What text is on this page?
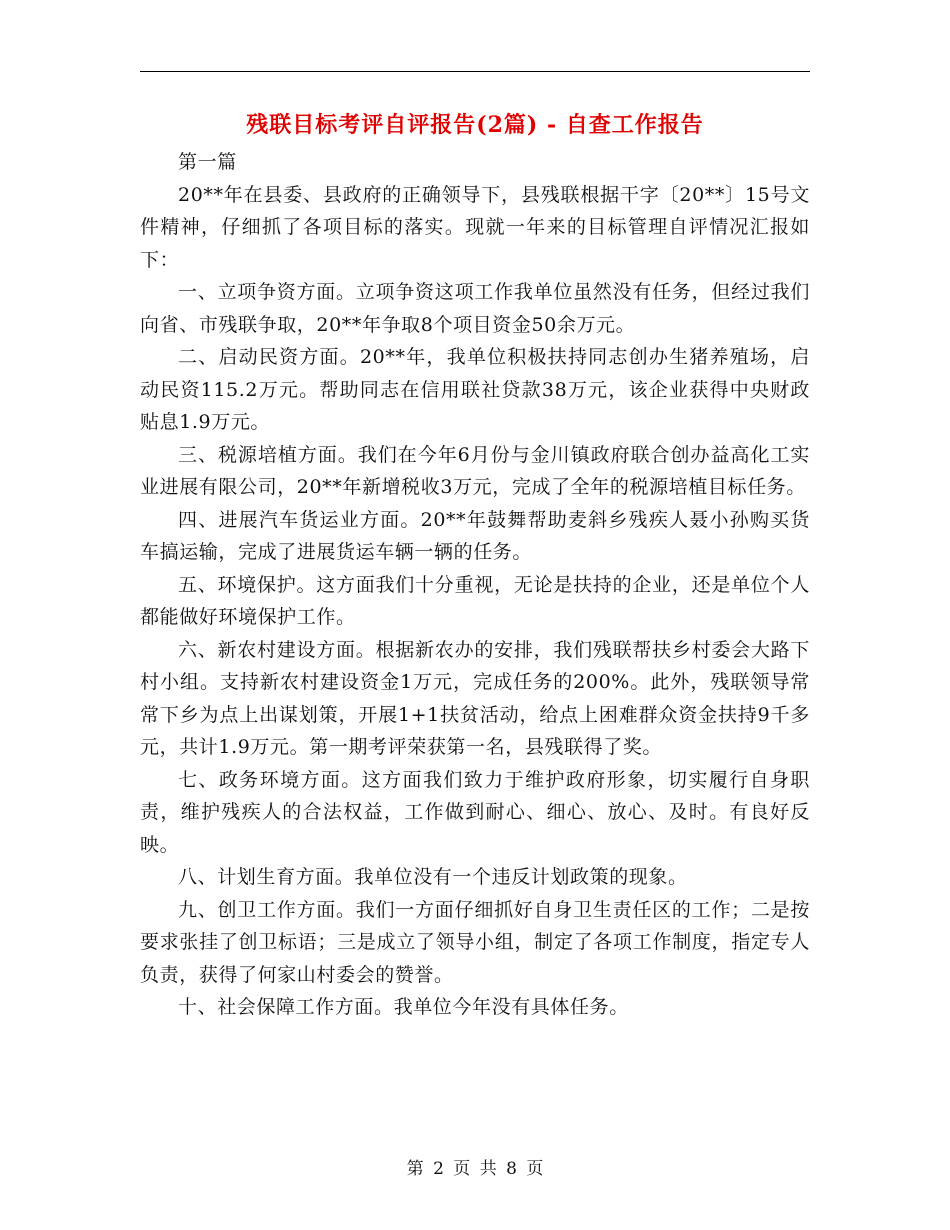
残联目标考评自评报告(2篇) - 自查工作报告

第一篇

20**年在县委、县政府的正确领导下，县残联根据干字〔20**〕15号文件精神，仔细抓了各项目标的落实。现就一年来的目标管理自评情况汇报如下：

一、立项争资方面。立项争资这项工作我单位虽然没有任务，但经过我们向省、市残联争取，20**年争取8个项目资金50余万元。

二、启动民资方面。20**年，我单位积极扶持同志创办生猪养殖场，启动民资115.2万元。帮助同志在信用联社贷款38万元，该企业获得中央财政贴息1.9万元。

三、税源培植方面。我们在今年6月份与金川镇政府联合创办益高化工实业进展有限公司，20**年新增税收3万元，完成了全年的税源培植目标任务。

四、进展汽车货运业方面。20**年鼓舞帮助麦斜乡残疾人聂小孙购买货车搞运输，完成了进展货运车辆一辆的任务。

五、环境保护。这方面我们十分重视，无论是扶持的企业，还是单位个人都能做好环境保护工作。

六、新农村建设方面。根据新农办的安排，我们残联帮扶乡村委会大路下村小组。支持新农村建设资金1万元，完成任务的200%。此外，残联领导常常下乡为点上出谋划策，开展1+1扶贫活动，给点上困难群众资金扶持9千多元，共计1.9万元。第一期考评荣获第一名，县残联得了奖。

七、政务环境方面。这方面我们致力于维护政府形象，切实履行自身职责，维护残疾人的合法权益，工作做到耐心、细心、放心、及时。有良好反映。

八、计划生育方面。我单位没有一个违反计划政策的现象。

九、创卫工作方面。我们一方面仔细抓好自身卫生责任区的工作；二是按要求张挂了创卫标语；三是成立了领导小组，制定了各项工作制度，指定专人负责，获得了何家山村委会的赞誉。

十、社会保障工作方面。我单位今年没有具体任务。

第 2 页 共 8 页
